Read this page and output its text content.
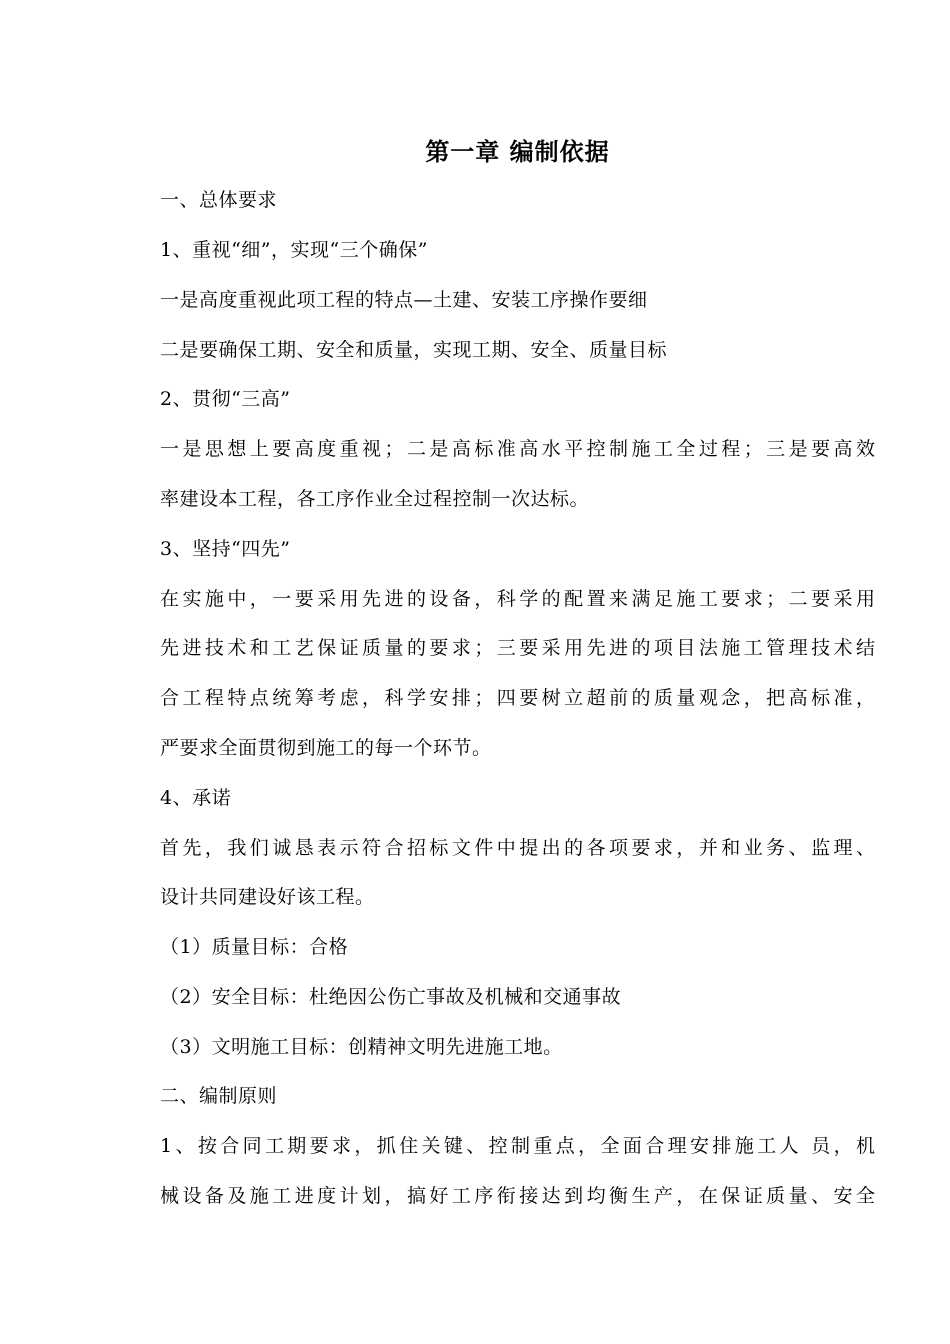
第一章 编制依据
一、总体要求
1、重视“细”，实现“三个确保”
一是高度重视此项工程的特点—土建、安装工序操作要细
二是要确保工期、安全和质量，实现工期、安全、质量目标
2、贯彻“三高”
一是思想上要高度重视；二是高标准高水平控制施工全过程；三是要高效
率建设本工程，各工序作业全过程控制一次达标。
3、坚持“四先”
在实施中，一要采用先进的设备，科学的配置来满足施工要求；二要采用
先进技术和工艺保证质量的要求；三要采用先进的项目法施工管理技术结
合工程特点统筹考虑，科学安排；四要树立超前的质量观念，把高标准，
严要求全面贯彻到施工的每一个环节。
4、承诺
首先，我们诚恳表示符合招标文件中提出的各项要求，并和业务、监理、
设计共同建设好该工程。
（1）质量目标：合格
（2）安全目标：杜绝因公伤亡事故及机械和交通事故
（3）文明施工目标：创精神文明先进施工地。
二、编制原则
1、按合同工期要求，抓住关键、控制重点，全面合理安排施工人 员，机
械设备及施工进度计划，搞好工序衔接达到均衡生产，在保证质量、安全
